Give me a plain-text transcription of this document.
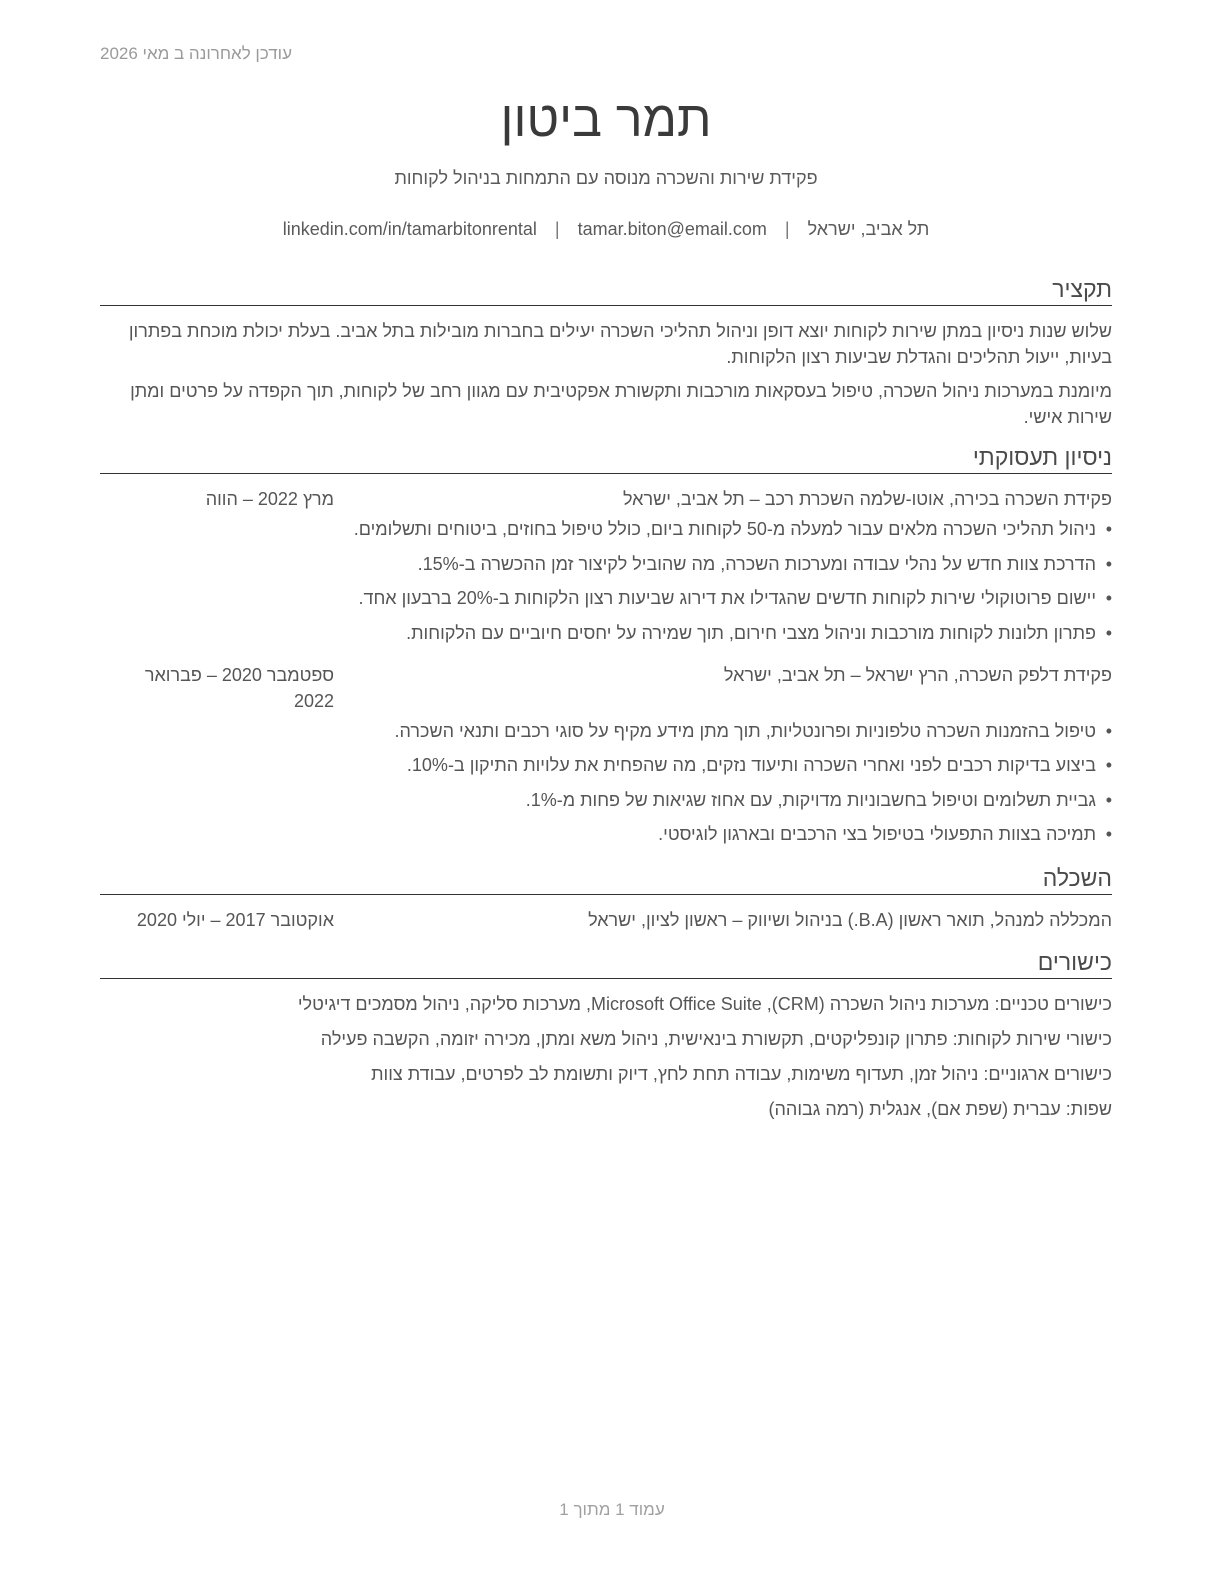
עודכן לאחרונה ב מאי 2026
תמר ביטון
פקידת שירות והשכרה מנוסה עם התמחות בניהול לקוחות
תל אביב, ישראל
|
tamar.biton@email.com
|
linkedin.com/in/tamarbitonrental
תקציר

שלוש שנות ניסיון במתן שירות לקוחות יוצא דופן וניהול תהליכי השכרה יעילים בחברות מובילות בתל אביב. בעלת יכולת מוכחת בפתרון בעיות, ייעול תהליכים והגדלת שביעות רצון הלקוחות.

מיומנת במערכות ניהול השכרה, טיפול בעסקאות מורכבות ותקשורת אפקטיבית עם מגוון רחב של לקוחות, תוך הקפדה על פרטים ומתן שירות אישי.

ניסיון תעסוקתי
פקידת השכרה בכירה, אוטו-שלמה השכרת רכב – תל אביב, ישראל
מרץ 2022 – הווה
• ניהול תהליכי השכרה מלאים עבור למעלה מ-50 לקוחות ביום, כולל טיפול בחוזים, ביטוחים ותשלומים.
• הדרכת צוות חדש על נהלי עבודה ומערכות השכרה, מה שהוביל לקיצור זמן ההכשרה ב-15%.
• יישום פרוטוקולי שירות לקוחות חדשים שהגדילו את דירוג שביעות רצון הלקוחות ב-20% ברבעון אחד.
• פתרון תלונות לקוחות מורכבות וניהול מצבי חירום, תוך שמירה על יחסים חיוביים עם הלקוחות.
פקידת דלפק השכרה, הרץ ישראל – תל אביב, ישראל
ספטמבר 2020 – פברואר 2022
• טיפול בהזמנות השכרה טלפוניות ופרונטליות, תוך מתן מידע מקיף על סוגי רכבים ותנאי השכרה.
• ביצוע בדיקות רכבים לפני ואחרי השכרה ותיעוד נזקים, מה שהפחית את עלויות התיקון ב-10%.
• גביית תשלומים וטיפול בחשבוניות מדויקות, עם אחוז שגיאות של פחות מ-1%.
• תמיכה בצוות התפעולי בטיפול בצי הרכבים ובארגון לוגיסטי.
השכלה
המכללה למנהל, תואר ראשון (B.A.) בניהול ושיווק – ראשון לציון, ישראל
אוקטובר 2017 – יולי 2020
כישורים

כישורים טכניים: מערכות ניהול השכרה (CRM), Microsoft Office Suite, מערכות סליקה, ניהול מסמכים דיגיטלי

כישורי שירות לקוחות: פתרון קונפליקטים, תקשורת בינאישית, ניהול משא ומתן, מכירה יזומה, הקשבה פעילה

כישורים ארגוניים: ניהול זמן, תעדוף משימות, עבודה תחת לחץ, דיוק ותשומת לב לפרטים, עבודת צוות

שפות: עברית (שפת אם), אנגלית (רמה גבוהה)

עמוד 1 מתוך 1
